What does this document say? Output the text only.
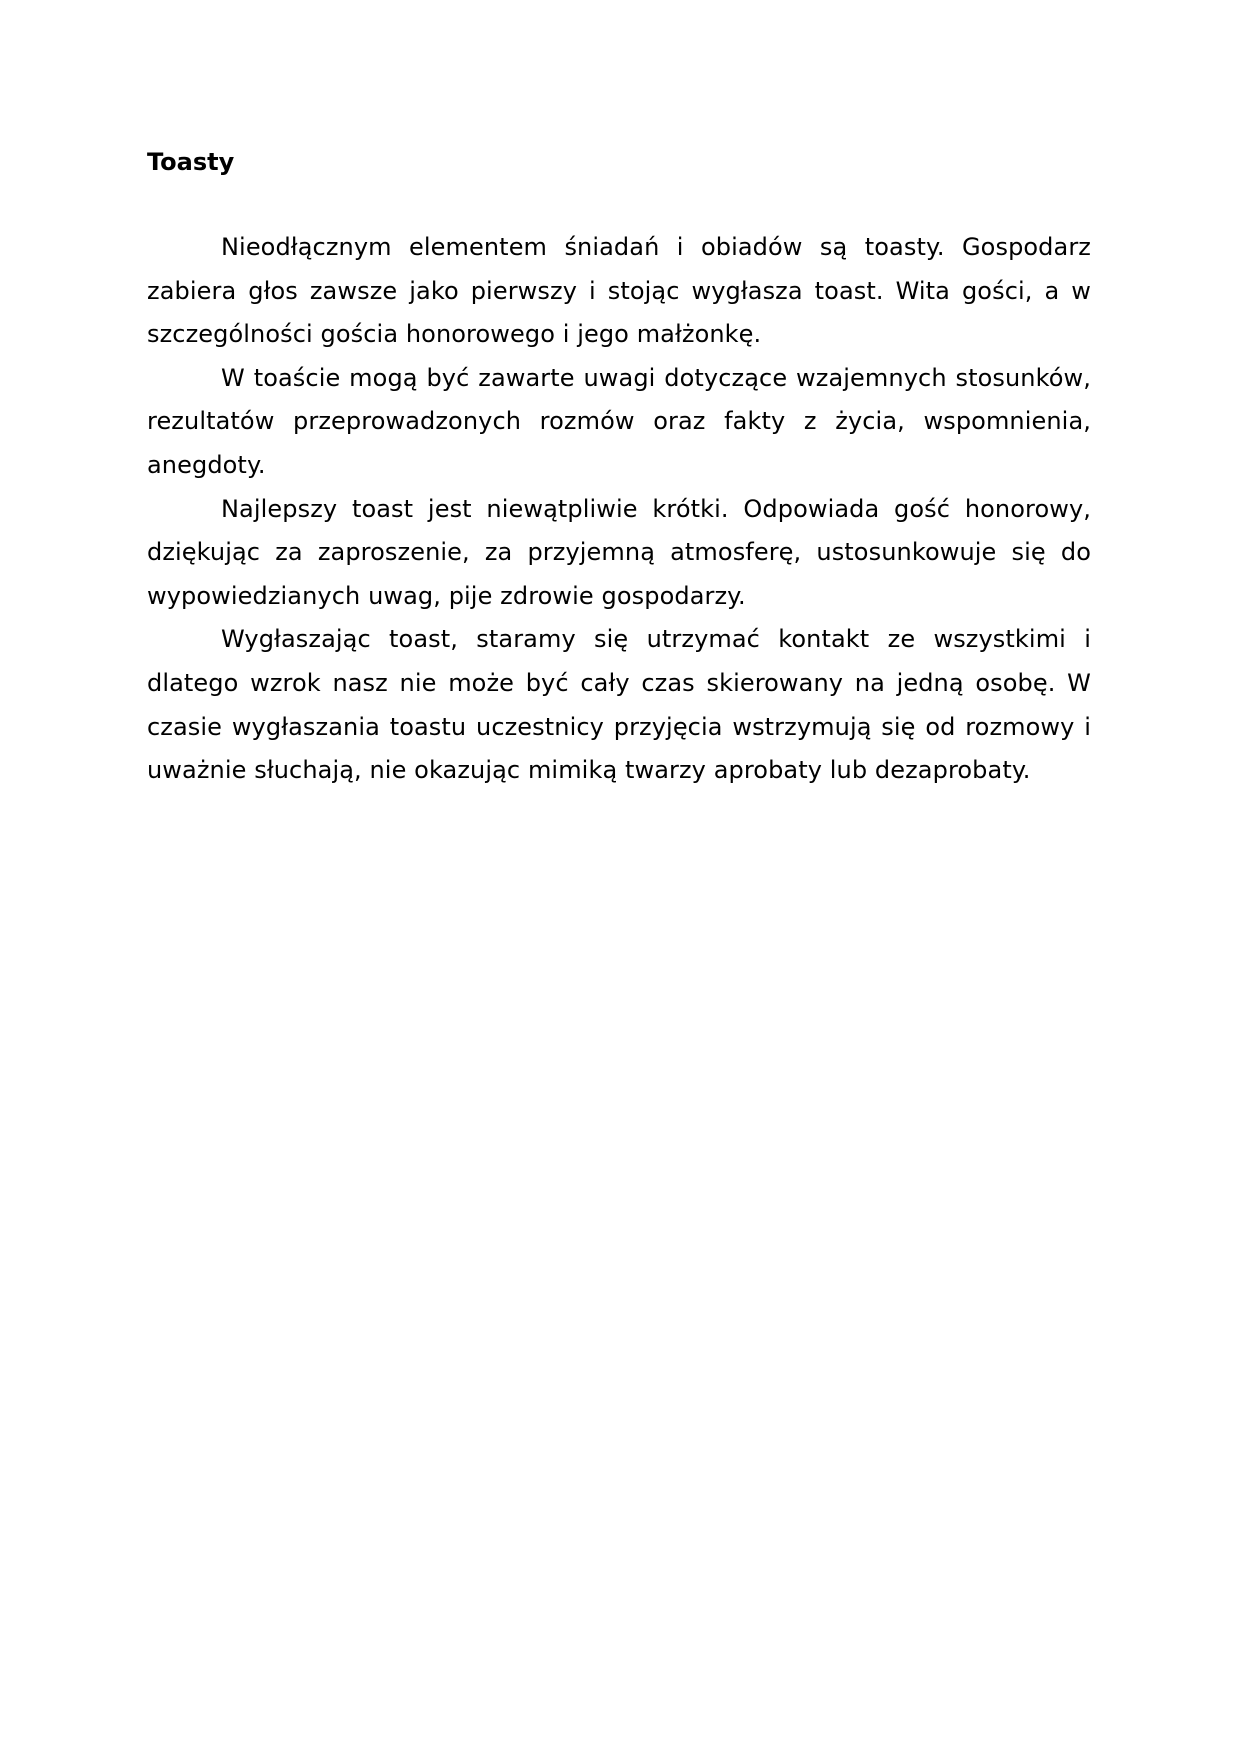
Toasty

Nieodłącznym elementem śniadań i obiadów są toasty. Gospodarz zabiera głos zawsze jako pierwszy i stojąc wygłasza toast. Wita gości, a w szczególności gościa honorowego i jego małżonkę.

W toaście mogą być zawarte uwagi dotyczące wzajemnych stosunków, rezultatów przeprowadzonych rozmów oraz fakty z życia, wspomnienia, anegdoty.

Najlepszy toast jest niewątpliwie krótki. Odpowiada gość honorowy, dziękując za zaproszenie, za przyjemną atmosferę, ustosunkowuje się do wypowiedzianych uwag, pije zdrowie gospodarzy.

Wygłaszając toast, staramy się utrzymać kontakt ze wszystkimi i dlatego wzrok nasz nie może być cały czas skierowany na jedną osobę. W czasie wygłaszania toastu uczestnicy przyjęcia wstrzymują się od rozmowy i uważnie słuchają, nie okazując mimiką twarzy aprobaty lub dezaprobaty.
